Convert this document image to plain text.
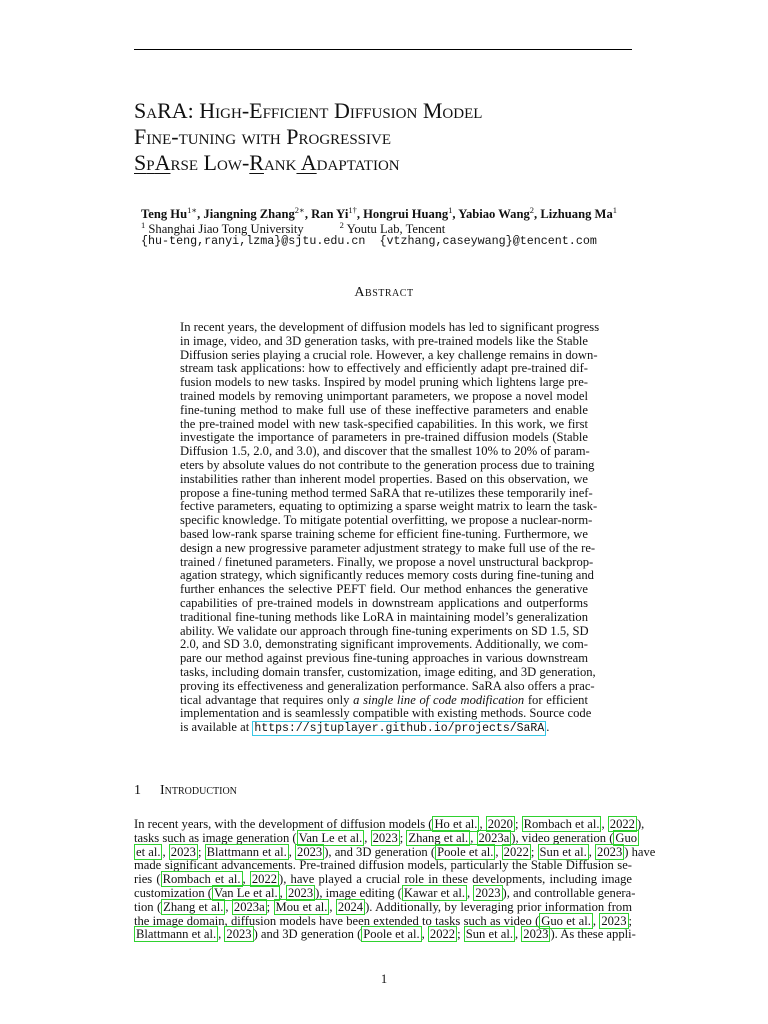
SaRA: High-Efficient Diffusion Model
Fine-tuning with Progressive
SpArse Low-Rank Adaptation
Teng $Hu^{1∗}$, Jiangning Zhang$^{2∗}$, Ran $Yi^{1\dagger}$, Hongrui Huang$^1$, Yabiao Wang$^2$, Lizhuang Ma$^1$
$^1$ Shanghai Jiao Tong University	$^2$ Youtu Lab, Tencent
{hu-teng,ranyi,lzma}@sjtu.edu.cn {vtzhang,caseywang}@tencent.com
Abstract
In recent years, the development of diffusion models has led to significant progress
in image, video, and 3D generation tasks, with pre-trained models like the Stable
Diffusion series playing a crucial role. However, a key challenge remains in down-
stream task applications: how to effectively and efficiently adapt pre-trained dif-
fusion models to new tasks. Inspired by model pruning which lightens large pre-
trained models by removing unimportant parameters, we propose a novel model
fine-tuning method to make full use of these ineffective parameters and enable
the pre-trained model with new task-specified capabilities. In this work, we first
investigate the importance of parameters in pre-trained diffusion models (Stable
Diffusion 1.5, 2.0, and 3.0), and discover that the smallest 10% to 20% of param-
eters by absolute values do not contribute to the generation process due to training
instabilities rather than inherent model properties. Based on this observation, we
propose a fine-tuning method termed SaRA that re-utilizes these temporarily inef-
fective parameters, equating to optimizing a sparse weight matrix to learn the task-
specific knowledge. To mitigate potential overfitting, we propose a nuclear-norm-
based low-rank sparse training scheme for efficient fine-tuning. Furthermore, we
design a new progressive parameter adjustment strategy to make full use of the re-
trained / finetuned parameters. Finally, we propose a novel unstructural backprop-
agation strategy, which significantly reduces memory costs during fine-tuning and
further enhances the selective PEFT field. Our method enhances the generative
capabilities of pre-trained models in downstream applications and outperforms
traditional fine-tuning methods like LoRA in maintaining model’s generalization
ability. We validate our approach through fine-tuning experiments on SD 1.5, SD
2.0, and SD 3.0, demonstrating significant improvements. Additionally, we com-
pare our method against previous fine-tuning approaches in various downstream
tasks, including domain transfer, customization, image editing, and 3D generation,
proving its effectiveness and generalization performance. SaRA also offers a prac-
tical advantage that requires only a single line of code modification for efficient
implementation and is seamlessly compatible with existing methods. Source code
is available at https://sjtuplayer.github.io/projects/SaRA .
1 Introduction
In recent years, with the development of diffusion models ( Ho et al. , 2020 ; Rombach et al. , 2022 ),
tasks such as image generation ( Van Le et al. , 2023 ; Zhang et al. , 2023a ), video generation ( Guo
et al. , 2023 ; Blattmann et al. , 2023 ), and 3D generation ( Poole et al. , 2022 ; Sun et al. , 2023 ) have
made significant advancements. Pre-trained diffusion models, particularly the Stable Diffusion se-
ries ( Rombach et al. , 2022 ), have played a crucial role in these developments, including image
customization ( Van Le et al. , 2023 ), image editing ( Kawar et al. , 2023 ), and controllable genera-
tion ( Zhang et al. , 2023a ; Mou et al. , 2024 ). Additionally, by leveraging prior information from
the image domain, diffusion models have been extended to tasks such as video ( Guo et al. , 2023 ;
Blattmann et al. , 2023 ) and 3D generation ( Poole et al. , 2022 ; Sun et al. , 2023 ). As these appli-
1
